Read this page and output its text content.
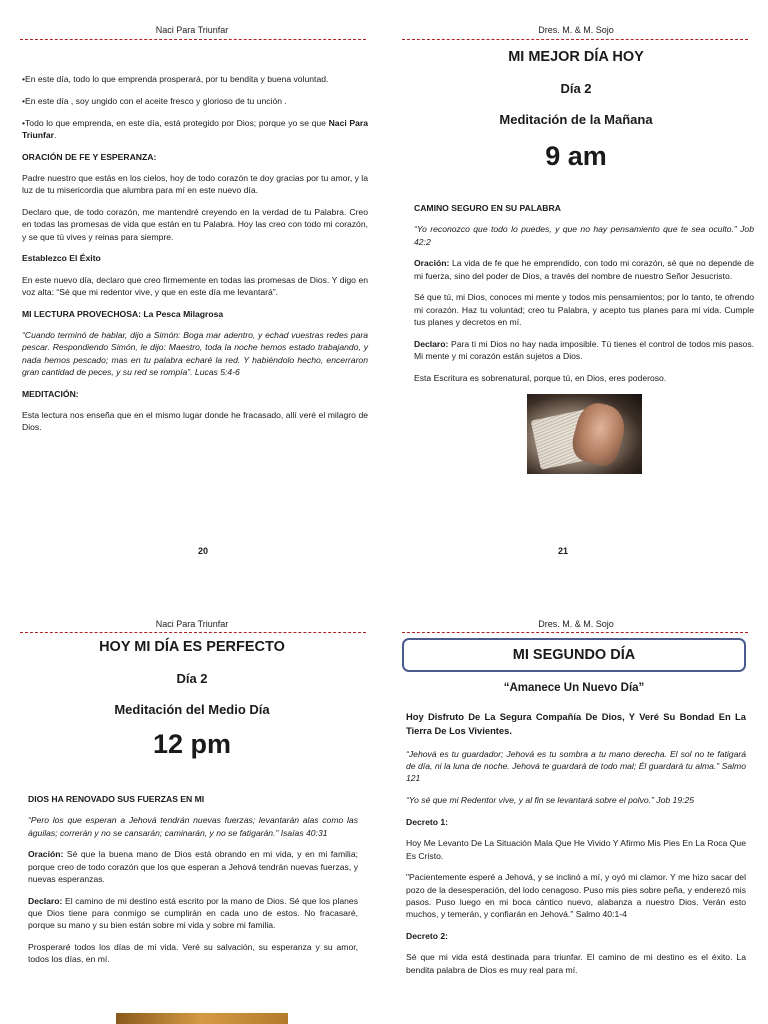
Naci Para Triunfar

•En este día, todo lo que emprenda prosperará, por tu bendita y buena voluntad.

•En este día , soy ungido con el aceite fresco y glorioso de tu unción .

•Todo lo que emprenda, en este día, está protegido por Dios; porque yo se que Naci Para Triunfar.

ORACIÓN DE FE Y ESPERANZA:

Padre nuestro que estás en los cielos, hoy de todo corazón te doy gracias por tu amor, y la luz de tu misericordia que alumbra para mí en este nuevo día.

Declaro que, de todo corazón, me mantendré creyendo en la verdad de tu Palabra. Creo en todas las promesas de vida que están en tu Palabra. Hoy las creo con todo mi corazón, y se que tú vives y reinas para siempre.

Establezco El Éxito

En este nuevo día, declaro que creo firmemente en todas las promesas de Dios. Y digo en voz alta: “Sé que mi redentor vive, y que en este día me levantará”.

MI LECTURA PROVECHOSA: La Pesca Milagrosa

“Cuando terminó de hablar, dijo a Simón: Boga mar adentro, y echad vuestras redes para pescar. Respondiendo Simón, le dijo: Maestro, toda la noche hemos estado trabajando, y nada hemos pescado; mas en tu palabra echaré la red. Y habiéndolo hecho, encerraron gran cantidad de peces, y su red se rompía”. Lucas 5:4-6

MEDITACIÓN:

Esta lectura nos enseña que en el mismo lugar donde he fracasado, allí veré el milagro de Dios.

20
Dres. M. & M. Sojo
MI MEJOR DÍA HOY
Día 2
Meditación de la Mañana
9 am
CAMINO SEGURO EN SU PALABRA

“Yo reconozco que todo lo puedes, y que no hay pensamiento que te sea oculto.” Job 42:2

Oración: La vida de fe que he emprendido, con todo mi corazón, sé que no depende de mi fuerza, sino del poder de Dios, a través del nombre de nuestro Señor Jesucristo.

Sé que tú, mi Dios, conoces mi mente y todos mis pensamientos; por lo tanto, te ofrendo mi corazón. Haz tu voluntad; creo tu Palabra, y acepto tus planes para mi vida. Cumple tus planes y decretos en mí.

Declaro: Para ti mi Dios no hay nada imposible. Tú tienes el control de todos mis pasos. Mi mente y mi corazón están sujetos a Dios.

Esta Escritura es sobrenatural, porque tú, en Dios, eres poderoso.

21
Naci Para Triunfar
HOY MI DÍA ES PERFECTO
Día 2
Meditación del Medio Día
12 pm
DIOS HA RENOVADO SUS FUERZAS EN MI

“Pero los que esperan a Jehová tendrán nuevas fuerzas; levantarán alas como las águilas; correrán y no se cansarán; caminarán, y no se fatigarán.” Isaías 40:31

Oración: Sé que la buena mano de Dios está obrando en mi vida, y en mi familia; porque creo de todo corazón que los que esperan a Jehová tendrán nuevas fuerzas, y nuevas esperanzas.

Declaro: El camino de mi destino está escrito por la mano de Dios. Sé que los planes que Dios tiene para conmigo se cumplirán en cada uno de estos. No fracasaré, porque su mano y su bien están sobre mi vida y sobre mi familia.

Prosperaré todos los días de mi vida. Veré su salvación, su esperanza y su amor, todos los días, en mí.

Dres. M. & M. Sojo
MI SEGUNDO DÍA
“Amanece Un Nuevo Día”

Hoy Disfruto De La Segura Compañía De Dios, Y Veré Su Bondad En La Tierra De Los Vivientes.

“Jehová es tu guardador; Jehová es tu sombra a tu mano derecha. El sol no te fatigará de día, ni la luna de noche. Jehová te guardará de todo mal; Él guardará tu alma.” Salmo 121

“Yo sé que mi Redentor vive, y al fin se levantará sobre el polvo.” Job 19:25

Decreto 1:

Hoy Me Levanto De La Situación Mala Que He Vivido Y Afirmo Mis Pies En La Roca Que Es Cristo.

"Pacientemente esperé a Jehová, y se inclinó a mí, y oyó mi clamor. Y me hizo sacar del pozo de la desesperación, del lodo cenagoso. Puso mis pies sobre peña, y enderezó mis pasos. Puso luego en mi boca cántico nuevo, alabanza a nuestro Dios. Verán esto muchos, y temerán, y confiarán en Jehová." Salmo 40:1-4

Decreto 2:

Sé que mi vida está destinada para triunfar. El camino de mi destino es el éxito. La bendita palabra de Dios es muy real para mí.
